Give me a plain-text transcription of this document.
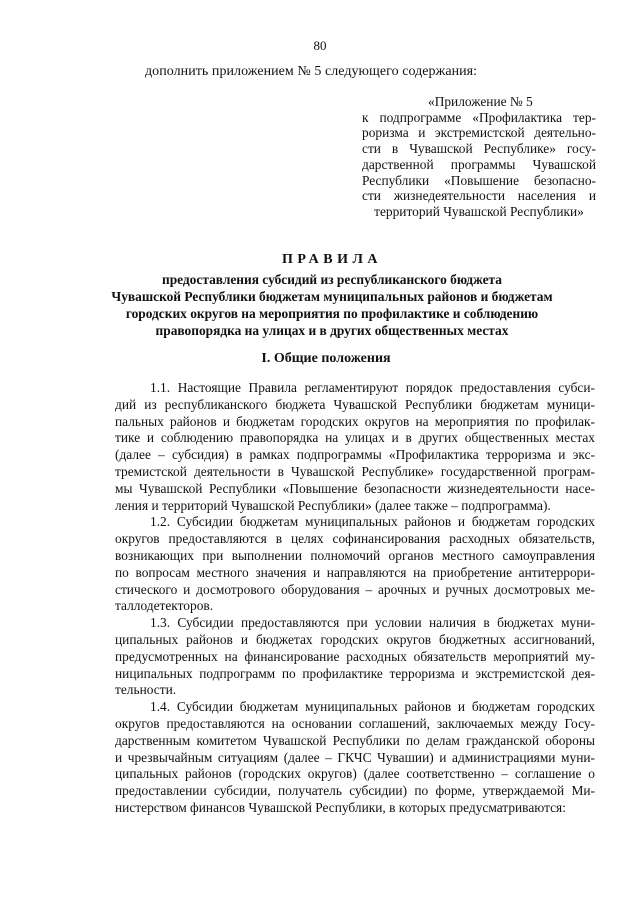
80
дополнить приложением № 5 следующего содержания:
«Приложение № 5
к подпрограмме «Профилактика тер-
роризма и экстремистской деятельно-
сти в Чувашской Республике» госу-
дарственной программы Чувашской
Республики «Повышение безопасно-
сти жизнедеятельности населения и
территорий Чувашской Республики»
ПРАВИЛА
предоставления субсидий из республиканского бюджета
Чувашской Республики бюджетам муниципальных районов и бюджетам
городских округов на мероприятия по профилактике и соблюдению
правопорядка на улицах и в других общественных местах
I. Общие положения
1.1. Настоящие Правила регламентируют порядок предоставления субси-
дий из республиканского бюджета Чувашской Республики бюджетам муници-
пальных районов и бюджетам городских округов на мероприятия по профилак-
тике и соблюдению правопорядка на улицах и в других общественных местах
(далее – субсидия) в рамках подпрограммы «Профилактика терроризма и экс-
тремистской деятельности в Чувашской Республике» государственной програм-
мы Чувашской Республики «Повышение безопасности жизнедеятельности насе-
ления и территорий Чувашской Республики» (далее также – подпрограмма).
1.2. Субсидии бюджетам муниципальных районов и бюджетам городских
округов предоставляются в целях софинансирования расходных обязательств,
возникающих при выполнении полномочий органов местного самоуправления
по вопросам местного значения и направляются на приобретение антитеррори-
стического и досмотрового оборудования – арочных и ручных досмотровых ме-
таллодетекторов.
1.3. Субсидии предоставляются при условии наличия в бюджетах муни-
ципальных районов и бюджетах городских округов бюджетных ассигнований,
предусмотренных на финансирование расходных обязательств мероприятий му-
ниципальных подпрограмм по профилактике терроризма и экстремистской дея-
тельности.
1.4. Субсидии бюджетам муниципальных районов и бюджетам городских
округов предоставляются на основании соглашений, заключаемых между Госу-
дарственным комитетом Чувашской Республики по делам гражданской обороны
и чрезвычайным ситуациям (далее – ГКЧС Чувашии) и администрациями муни-
ципальных районов (городских округов) (далее соответственно – соглашение о
предоставлении субсидии, получатель субсидии) по форме, утверждаемой Ми-
нистерством финансов Чувашской Республики, в которых предусматриваются:
